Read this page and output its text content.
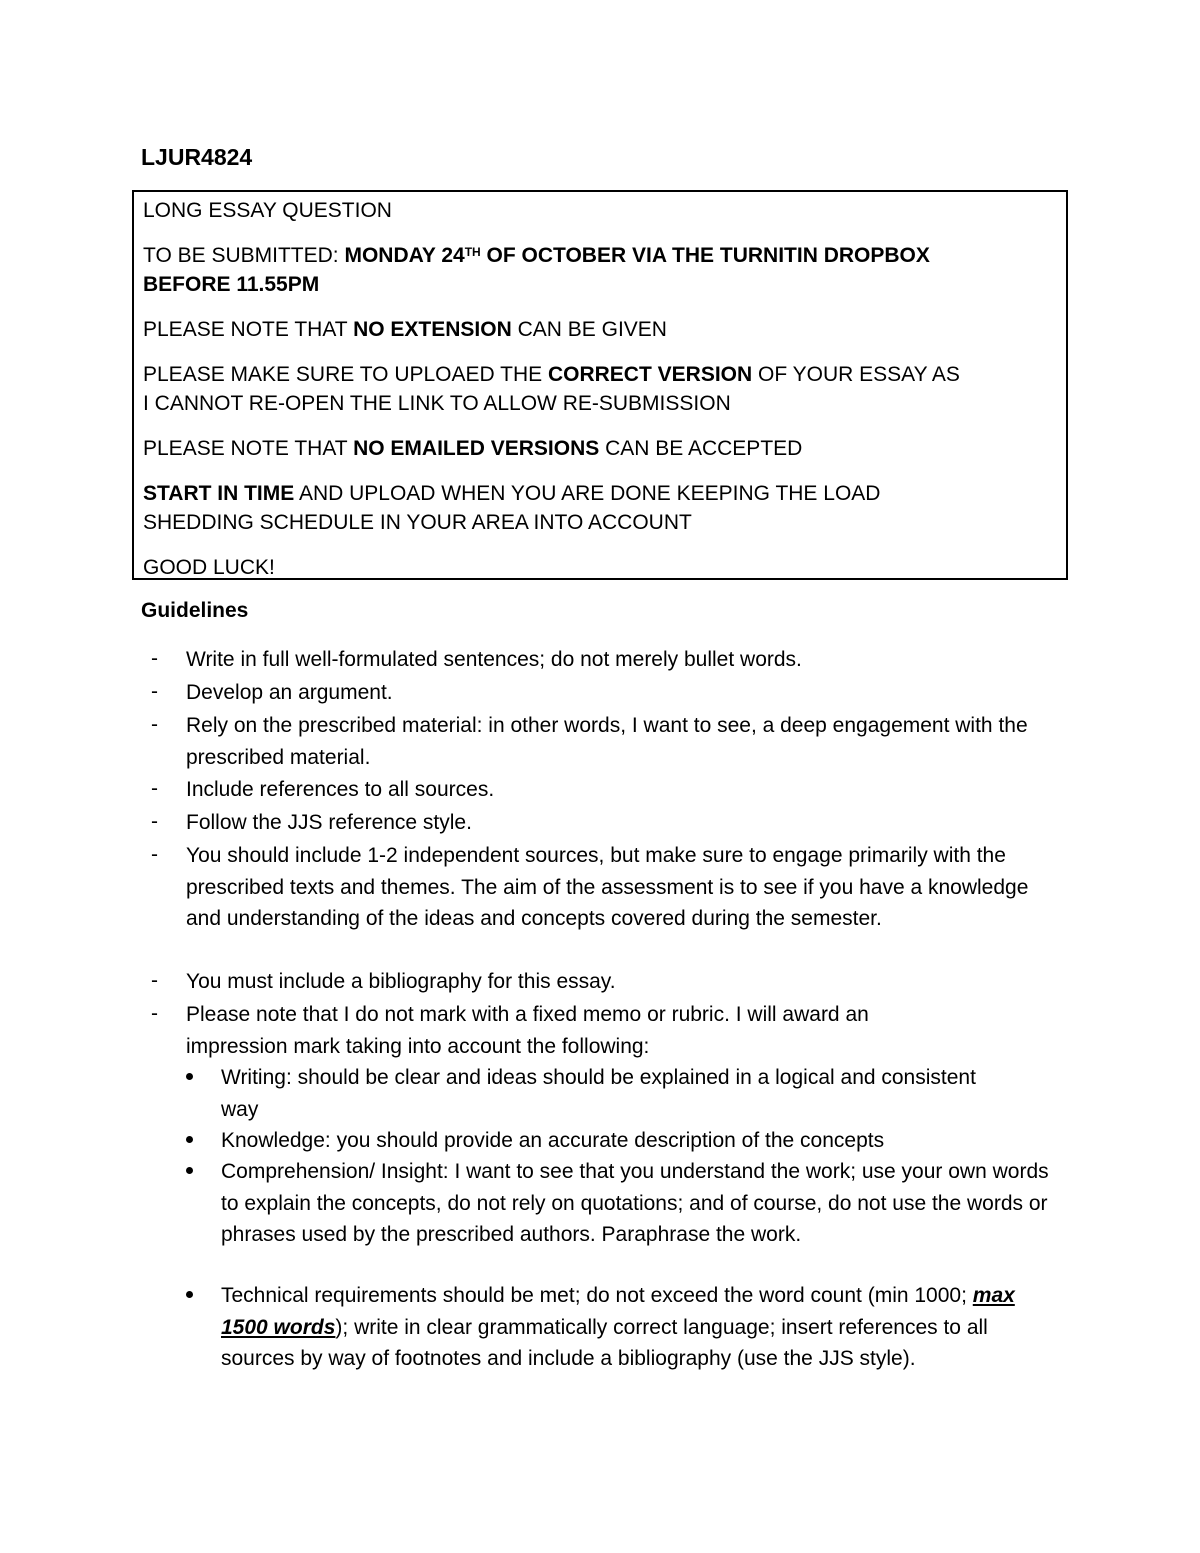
LJUR4824
LONG ESSAY QUESTION
TO BE SUBMITTED: MONDAY 24TH OF OCTOBER VIA THE TURNITIN DROPBOX
BEFORE 11.55PM
PLEASE NOTE THAT NO EXTENSION CAN BE GIVEN
PLEASE MAKE SURE TO UPLOAED THE CORRECT VERSION OF YOUR ESSAY AS
I CANNOT RE-OPEN THE LINK TO ALLOW RE-SUBMISSION
PLEASE NOTE THAT NO EMAILED VERSIONS CAN BE ACCEPTED
START IN TIME AND UPLOAD WHEN YOU ARE DONE KEEPING THE LOAD
SHEDDING SCHEDULE IN YOUR AREA INTO ACCOUNT
GOOD LUCK!
Guidelines
- Write in full well-formulated sentences; do not merely bullet words.
- Develop an argument.
- Rely on the prescribed material: in other words, I want to see, a deep engagement with the prescribed material.
- Include references to all sources.
- Follow the JJS reference style.
- You should include 1-2 independent sources, but make sure to engage primarily with the prescribed texts and themes. The aim of the assessment is to see if you have a knowledge and understanding of the ideas and concepts covered during the semester.
- You must include a bibliography for this essay.
- Please note that I do not mark with a fixed memo or rubric. I will award an impression mark taking into account the following:
Writing: should be clear and ideas should be explained in a logical and consistent way
Knowledge: you should provide an accurate description of the concepts
Comprehension/ Insight: I want to see that you understand the work; use your own words to explain the concepts, do not rely on quotations; and of course, do not use the words or phrases used by the prescribed authors. Paraphrase the work.
Technical requirements should be met; do not exceed the word count (min 1000; max 1500 words); write in clear grammatically correct language; insert references to all sources by way of footnotes and include a bibliography (use the JJS style).
